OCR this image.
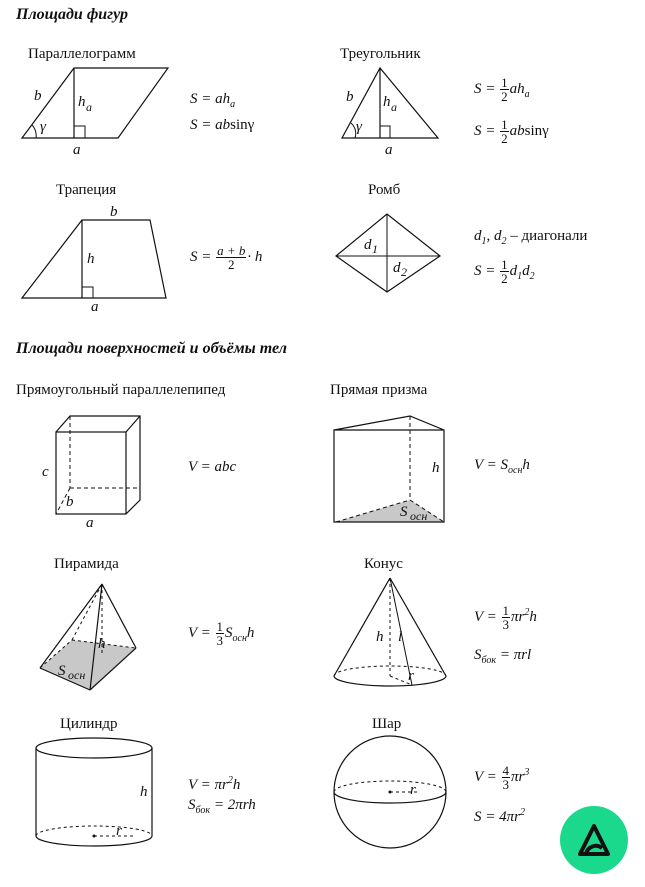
Площади фигур
Площади поверхностей и объёмы тел
Параллелограмм
b h a
γ
a
b h a
γ
a
b
h
a
d 1
d 2
c
b
a
h
S осн
h
S осн
h l
r
h
r
r
$S = ah_a$
S = absinγ
Треугольник
$S = \frac{1}{2} ah_a$
$S = \frac{1}{2}$ absinγ
Трапеция
$S = \frac{a + b}{2} \cdot h$
Ромб
$d_1$, $d_2$ – диагонали
$S = \frac{1}{2} d_1d_2$
Прямоугольный параллелепипед
V = abc
Прямая призма
$V = S_{осн}h$
Пирамида
$V = \frac{1}{3} S_{осн}h$
Конус
$V = \frac{1}{3} \pi r^2h$
$S_{бок} = \pi rl$
Цилиндр
$V = \pi r^2h$
$S_{бок} = 2\pi rh$
Шар
$V = \frac{4}{3} \pi r^3$
$S = 4\pi r^2$
